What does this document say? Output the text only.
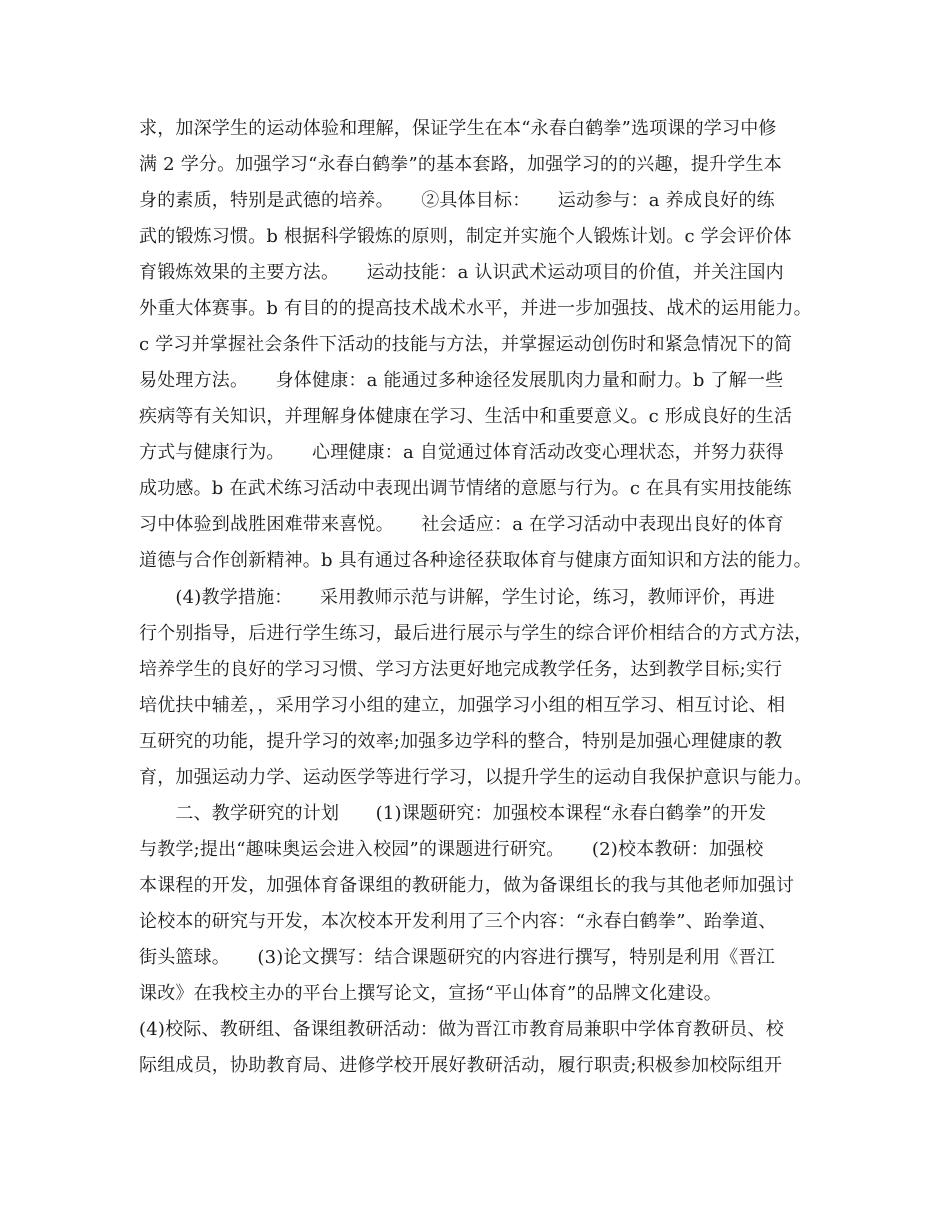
求，加深学生的运动体验和理解，保证学生在本“永春白鹤拳”选项课的学习中修
满 2 学分。加强学习“永春白鹤拳”的基本套路，加强学习的的兴趣，提升学生本
身的素质，特别是武德的培养。　　②具体目标：　　运动参与：a 养成良好的练
武的锻炼习惯。b 根据科学锻炼的原则，制定并实施个人锻炼计划。c 学会评价体
育锻炼效果的主要方法。　　运动技能：a 认识武术运动项目的价值，并关注国内
外重大体赛事。b 有目的的提高技术战术水平，并进一步加强技、战术的运用能力。
c 学习并掌握社会条件下活动的技能与方法，并掌握运动创伤时和紧急情况下的简
易处理方法。　　身体健康：a 能通过多种途径发展肌肉力量和耐力。b 了解一些
疾病等有关知识，并理解身体健康在学习、生活中和重要意义。c 形成良好的生活
方式与健康行为。　　心理健康：a 自觉通过体育活动改变心理状态，并努力获得
成功感。b 在武术练习活动中表现出调节情绪的意愿与行为。c 在具有实用技能练
习中体验到战胜困难带来喜悦。　　社会适应：a 在学习活动中表现出良好的体育
道德与合作创新精神。b 具有通过各种途径获取体育与健康方面知识和方法的能力。
　　(4)教学措施：　　采用教师示范与讲解，学生讨论，练习，教师评价，再进
行个别指导，后进行学生练习，最后进行展示与学生的综合评价相结合的方式方法，
培养学生的良好的学习习惯、学习方法更好地完成教学任务，达到教学目标;实行
培优扶中辅差，，采用学习小组的建立，加强学习小组的相互学习、相互讨论、相
互研究的功能，提升学习的效率;加强多边学科的整合，特别是加强心理健康的教
育，加强运动力学、运动医学等进行学习，以提升学生的运动自我保护意识与能力。
　　二、教学研究的计划　　(1)课题研究：加强校本课程“永春白鹤拳”的开发
与教学;提出“趣味奥运会进入校园”的课题进行研究。　　(2)校本教研：加强校
本课程的开发，加强体育备课组的教研能力，做为备课组长的我与其他老师加强讨
论校本的研究与开发，本次校本开发利用了三个内容：“永春白鹤拳”、跆拳道、
街头篮球。　　(3)论文撰写：结合课题研究的内容进行撰写，特别是利用《晋江
课改》在我校主办的平台上撰写论文，宣扬“平山体育”的品牌文化建设。
(4)校际、教研组、备课组教研活动：做为晋江市教育局兼职中学体育教研员、校
际组成员，协助教育局、进修学校开展好教研活动，履行职责;积极参加校际组开
